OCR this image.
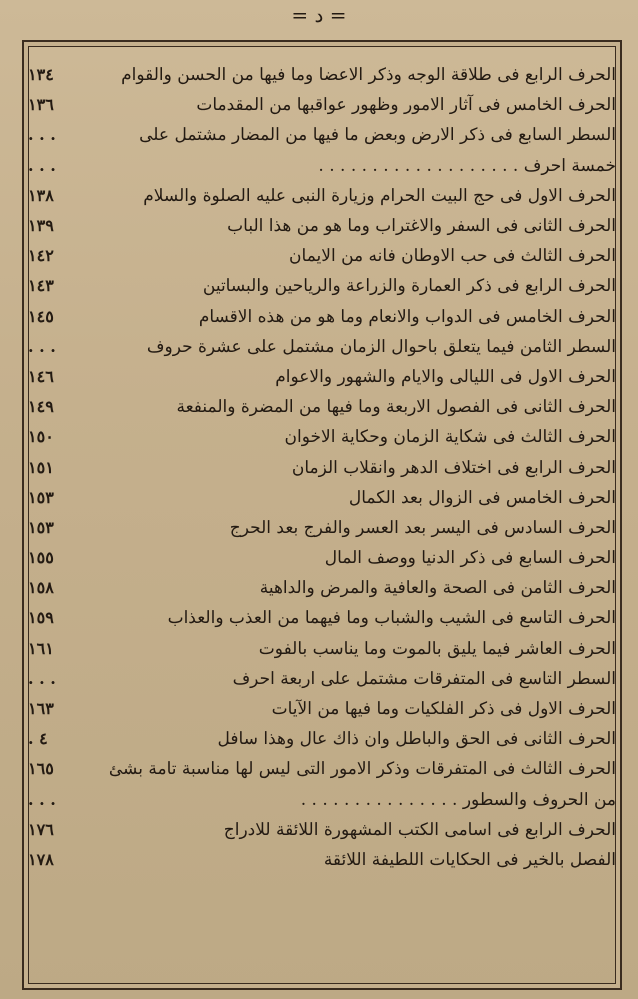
= د =
الحرف الرابع فى طلاقة الوجه وذكر الاعضا وما فيها من الحسن والقوام
١٣٤
الحرف الخامس فى آثار الامور وظهور عواقبها من المقدمات
١٣٦
السطر السابع فى ذكر الارض وبعض ما فيها من المضار مشتمل على
. . .
خمسة احرف . . . . . . . . . . . . . . . . . . .
. . .
الحرف الاول فى حج البيت الحرام وزيارة النبى عليه الصلوة والسلام
١٣٨
الحرف الثانى فى السفر والاغتراب وما هو من هذا الباب
١٣٩
الحرف الثالث فى حب الاوطان فانه من الايمان
١٤٢
الحرف الرابع فى ذكر العمارة والزراعة والرياحين والبساتين
١٤٣
الحرف الخامس فى الدواب والانعام وما هو من هذه الاقسام
١٤٥
السطر الثامن فيما يتعلق باحوال الزمان مشتمل على عشرة حروف
. . .
الحرف الاول فى الليالى والايام والشهور والاعوام
١٤٦
الحرف الثانى فى الفصول الاربعة وما فيها من المضرة والمنفعة
١٤٩
الحرف الثالث فى شكاية الزمان وحكاية الاخوان
١٥٠
الحرف الرابع فى اختلاف الدهر وانقلاب الزمان
١٥١
الحرف الخامس فى الزوال بعد الكمال
١٥٣
الحرف السادس فى اليسر بعد العسر والفرج بعد الحرج
١٥٣
الحرف السابع فى ذكر الدنيا ووصف المال
١٥٥
الحرف الثامن فى الصحة والعافية والمرض والداهية
١٥٨
الحرف التاسع فى الشيب والشباب وما فيهما من العذب والعذاب
١٥٩
الحرف العاشر فيما يليق بالموت وما يناسب بالفوت
١٦١
السطر التاسع فى المتفرقات مشتمل على اربعة احرف
. . .
الحرف الاول فى ذكر الفلكيات وما فيها من الآيات
١٦٣
الحرف الثانى فى الحق والباطل وان ذاك عال وهذا سافل
. ٤
الحرف الثالث فى المتفرقات وذكر الامور التى ليس لها مناسبة تامة بشئ
١٦٥
من الحروف والسطور . . . . . . . . . . . . . . .
. . .
الحرف الرابع فى اسامى الكتب المشهورة اللائقة للادراج
١٧٦
الفصل بالخير فى الحكايات اللطيفة اللائقة
١٧٨
